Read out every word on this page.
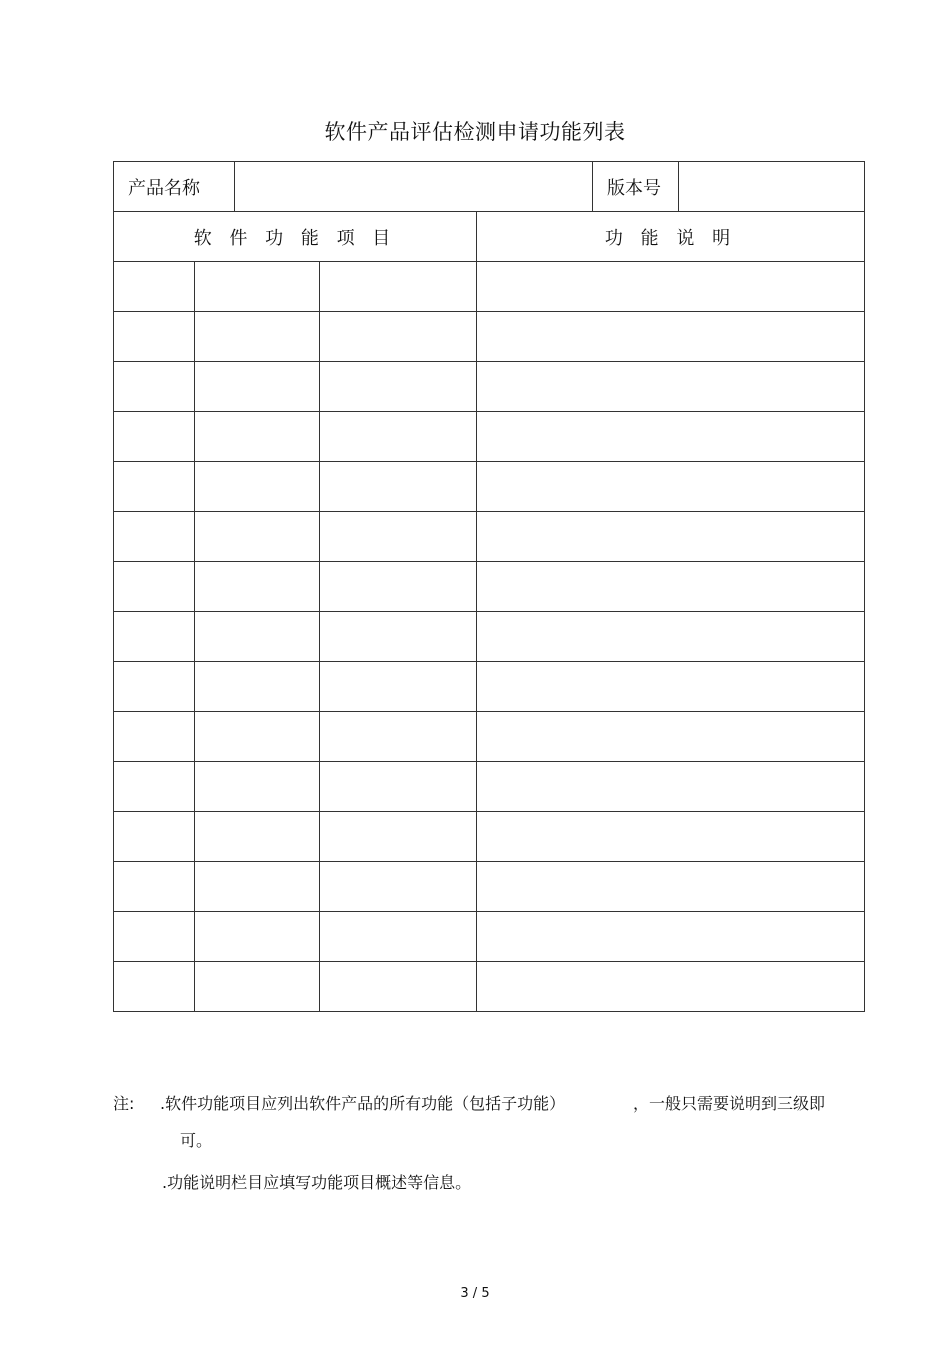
软件产品评估检测申请功能列表
产品名称					版本号	
软 件 功 能 项 目				功 能 说 明		

注: .软件功能项目应列出软件产品的所有功能（包括子功能）	，一般只需要说明到三级即
可。
.功能说明栏目应填写功能项目概述等信息。
3 / 5
